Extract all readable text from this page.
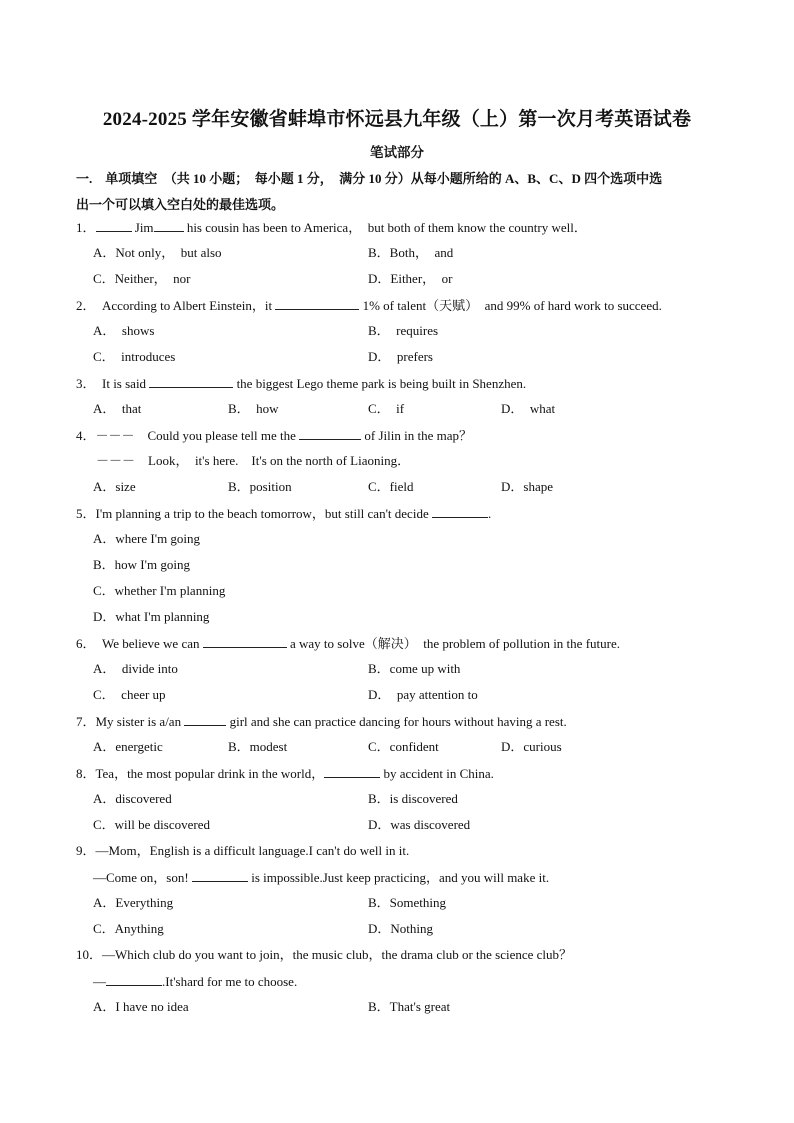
2024-2025 学年安徽省蚌埠市怀远县九年级（上）第一次月考英语试卷
笔试部分
一.　单项填空　（共 10 小题；　每小题 1 分，　满分 10 分）从每小题所给的 A、B、C、D 四个选项中选
出一个可以填入空白处的最佳选项。
1．	Jim his cousin has been to America，　but both of them know the country well．
A．Not only，　but also	B．Both，　and
C．Neither，　nor	D．Either，　or
2．　According to Albert Einstein，it	1% of talent（天赋）　and 99% of hard work to succeed.
A．　shows	B．　requires
C．　introduces	D．　prefers
3．　It is said	the biggest Lego theme park is being built in Shenzhen.
A．　that	B．　how	C．　if	D．　what
4．－－－　Could you please tell me the	of Jilin in the map？
－－－　Look，　it's here.　It's on the north of Liaoning．
A．size	B．position	C．field	D．shape
5．I'm planning a trip to the beach tomorrow，but still can't decide	.
A．where I'm going
B．how I'm going
C．whether I'm planning
D．what I'm planning
6．　We believe we can	a way to solve（解决）　the problem of pollution in the future.
A．　divide into	B．come up with
C．　cheer up	D．　pay attention to
7．My sister is a/an	girl and she can practice dancing for hours without having a rest.
A．energetic	B．modest	C．confident	D．curious
8．Tea，the most popular drink in the world，	by accident in China.
A．discovered	B．is discovered
C．will be discovered	D．was discovered
9．—Mom，English is a difficult language.I can't do well in it.
—Come on，son!	is impossible.Just keep practicing，and you will make it.
A．Everything	B．Something
C．Anything	D．Nothing
10．—Which club do you want to join，the music club，the drama club or the science club？
—	.It'shard for me to choose.
A．I have no idea	B．That's great
